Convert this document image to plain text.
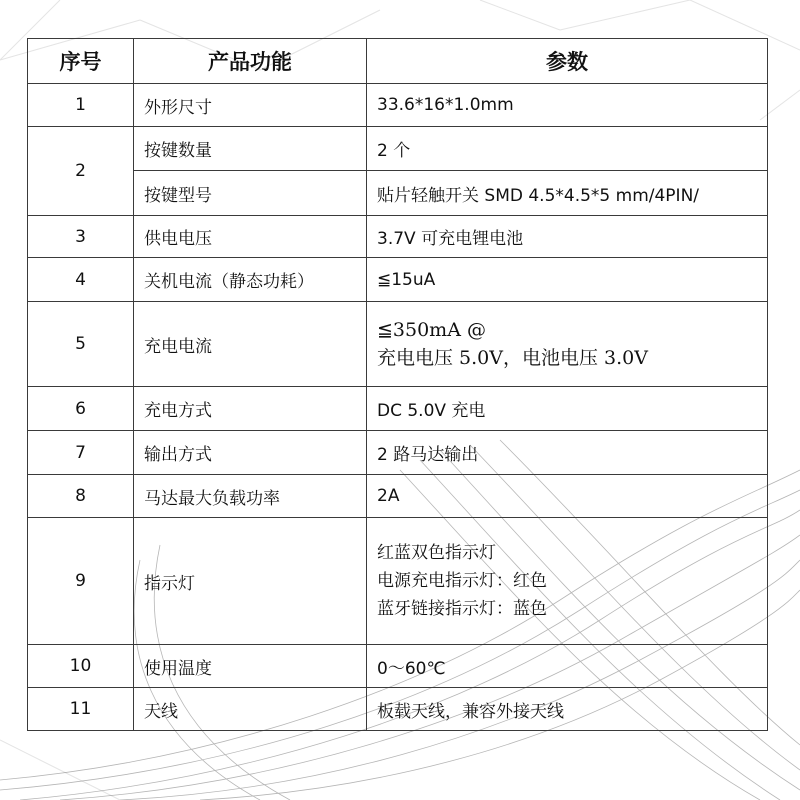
序号	产品功能	参数
1	外形尺寸	33.6*16*1.0mm
2	按键数量	2 个
	按键型号	贴片轻触开关 SMD 4.5*4.5*5 mm/4PIN/
3	供电电压	3.7V 可充电锂电池
4	关机电流（静态功耗）	≦15uA
5	充电电流	≦350mA @
充电电压 5.0V，电池电压 3.0V

6	充电方式	DC 5.0V 充电
7	输出方式	2 路马达输出
8	马达最大负载功率	2A
9	指示灯	红蓝双色指示灯
电源充电指示灯：红色
蓝牙链接指示灯：蓝色

10	使用温度	0～60℃
11	天线	板载天线，兼容外接天线
